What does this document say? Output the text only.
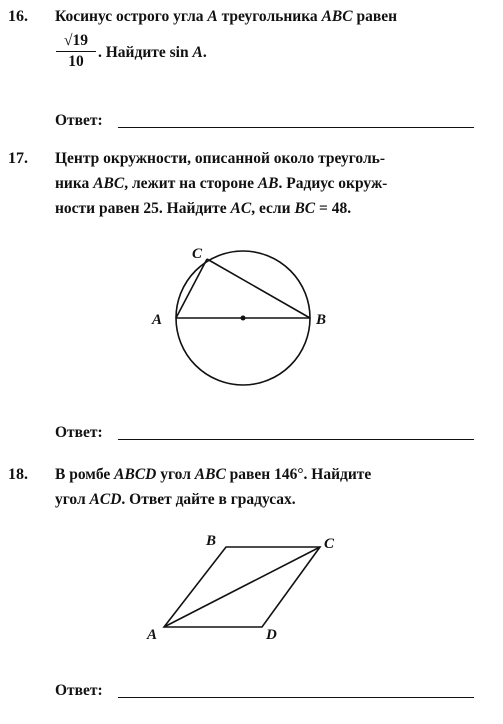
16. Косинус острого угла A треугольника ABC равен
√19
10
. Найдите sin A.
Ответ:
17. Центр окружности, описанной около треуголь-
ника ABC, лежит на стороне AB. Радиус окруж-
ности равен 25. Найдите AC, если BC = 48.
Ответ:
18. В ромбе ABCD угол ABC равен 146°. Найдите
угол ACD. Ответ дайте в градусах.
Ответ:
A	B
C
A
B	C
D
